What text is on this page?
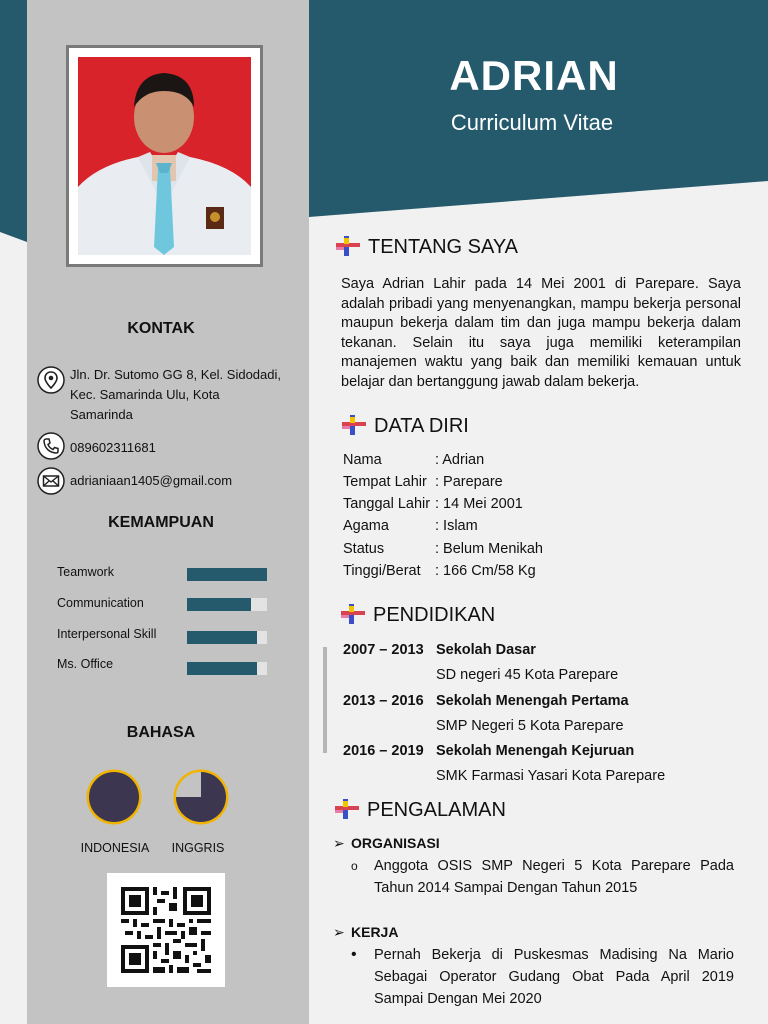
KONTAK
Jln. Dr. Sutomo GG 8, Kel. Sidodadi,
Kec. Samarinda Ulu, Kota
Samarinda
089602311681
adrianiaan1405@gmail.com
KEMAMPUAN
Teamwork
Communication
Interpersonal Skill
Ms. Office
BAHASA
INDONESIA	INGGRIS
ADRIAN
Curriculum Vitae
TENTANG SAYA
Saya Adrian Lahir pada 14 Mei 2001 di Parepare. Saya adalah pribadi yang menyenangkan, mampu bekerja personal maupun bekerja dalam tim dan juga mampu bekerja dalam tekanan. Selain itu saya juga memiliki keterampilan manajemen waktu yang baik dan memiliki kemauan untuk belajar dan bertanggung jawab dalam bekerja.
DATA DIRI
Nama	: Adrian
Tempat Lahir : Parepare
Tanggal Lahir : 14 Mei 2001
Agama	: Islam
Status	: Belum Menikah
Tinggi/Berat : 166 Cm/58 Kg
PENDIDIKAN
2007 – 2013 Sekolah Dasar
SD negeri 45 Kota Parepare
2013 – 2016 Sekolah Menengah Pertama
SMP Negeri 5 Kota Parepare
2016 – 2019 Sekolah Menengah Kejuruan
SMK Farmasi Yasari Kota Parepare
PENGALAMAN
➢ ORGANISASI
o Anggota OSIS SMP Negeri 5 Kota Parepare Pada Tahun 2014 Sampai Dengan Tahun 2015
➢ KERJA
• Pernah Bekerja di Puskesmas Madising Na Mario Sebagai Operator Gudang Obat Pada April 2019 Sampai Dengan Mei 2020
